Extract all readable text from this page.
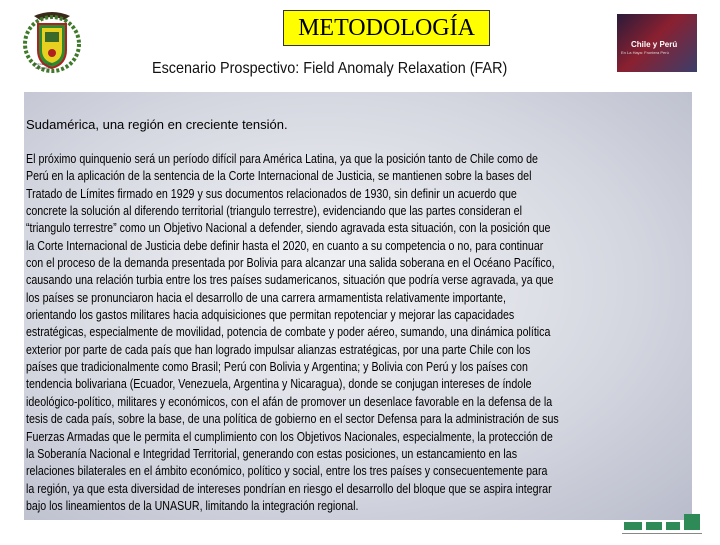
ESCUELA DE COMANDO
METODOLOGÍA
Escenario Prospectivo: Field Anomaly Relaxation (FAR)
Chile y Perú
En La Haya: Frontera Perú
Sudamérica, una región en creciente tensión.
El próximo quinquenio será un período difícil para América Latina, ya que la posición tanto de Chile como de
Perú en la aplicación de la sentencia de la Corte Internacional de Justicia, se mantienen sobre la bases del
Tratado de Límites firmado en 1929 y sus documentos relacionados de 1930, sin definir un acuerdo que
concrete la solución al diferendo territorial (triangulo terrestre), evidenciando que las partes consideran el
“triangulo terrestre” como un Objetivo Nacional a defender, siendo agravada esta situación, con la posición que
la Corte Internacional de Justicia debe definir hasta el 2020, en cuanto a su competencia o no, para continuar
con el proceso de la demanda presentada por Bolivia para alcanzar una salida soberana en el Océano Pacífico,
causando una relación turbia entre los tres países sudamericanos, situación que podría verse agravada, ya que
los países se pronunciaron hacia el desarrollo de una carrera armamentista relativamente importante,
orientando los gastos militares hacia adquisiciones que permitan repotenciar y mejorar las capacidades
estratégicas, especialmente de movilidad, potencia de combate y poder aéreo, sumando, una dinámica política
exterior por parte de cada país que han logrado impulsar alianzas estratégicas, por una parte Chile con los
países que tradicionalmente como Brasil; Perú con Bolivia y Argentina; y Bolivia con Perú y los países con
tendencia bolivariana (Ecuador, Venezuela, Argentina y Nicaragua), donde se conjugan intereses de índole
ideológico-político, militares y económicos, con el afán de promover un desenlace favorable en la defensa de la
tesis de cada país, sobre la base, de una política de gobierno en el sector Defensa para la administración de sus
Fuerzas Armadas que le permita el cumplimiento con los Objetivos Nacionales, especialmente, la protección de
la Soberanía Nacional e Integridad Territorial, generando con estas posiciones, un estancamiento en las
relaciones bilaterales en el ámbito económico, político y social, entre los tres países y consecuentemente para
la región, ya que esta diversidad de intereses pondrían en riesgo el desarrollo del bloque que se aspira integrar
bajo los lineamientos de la UNASUR, limitando la integración regional.
